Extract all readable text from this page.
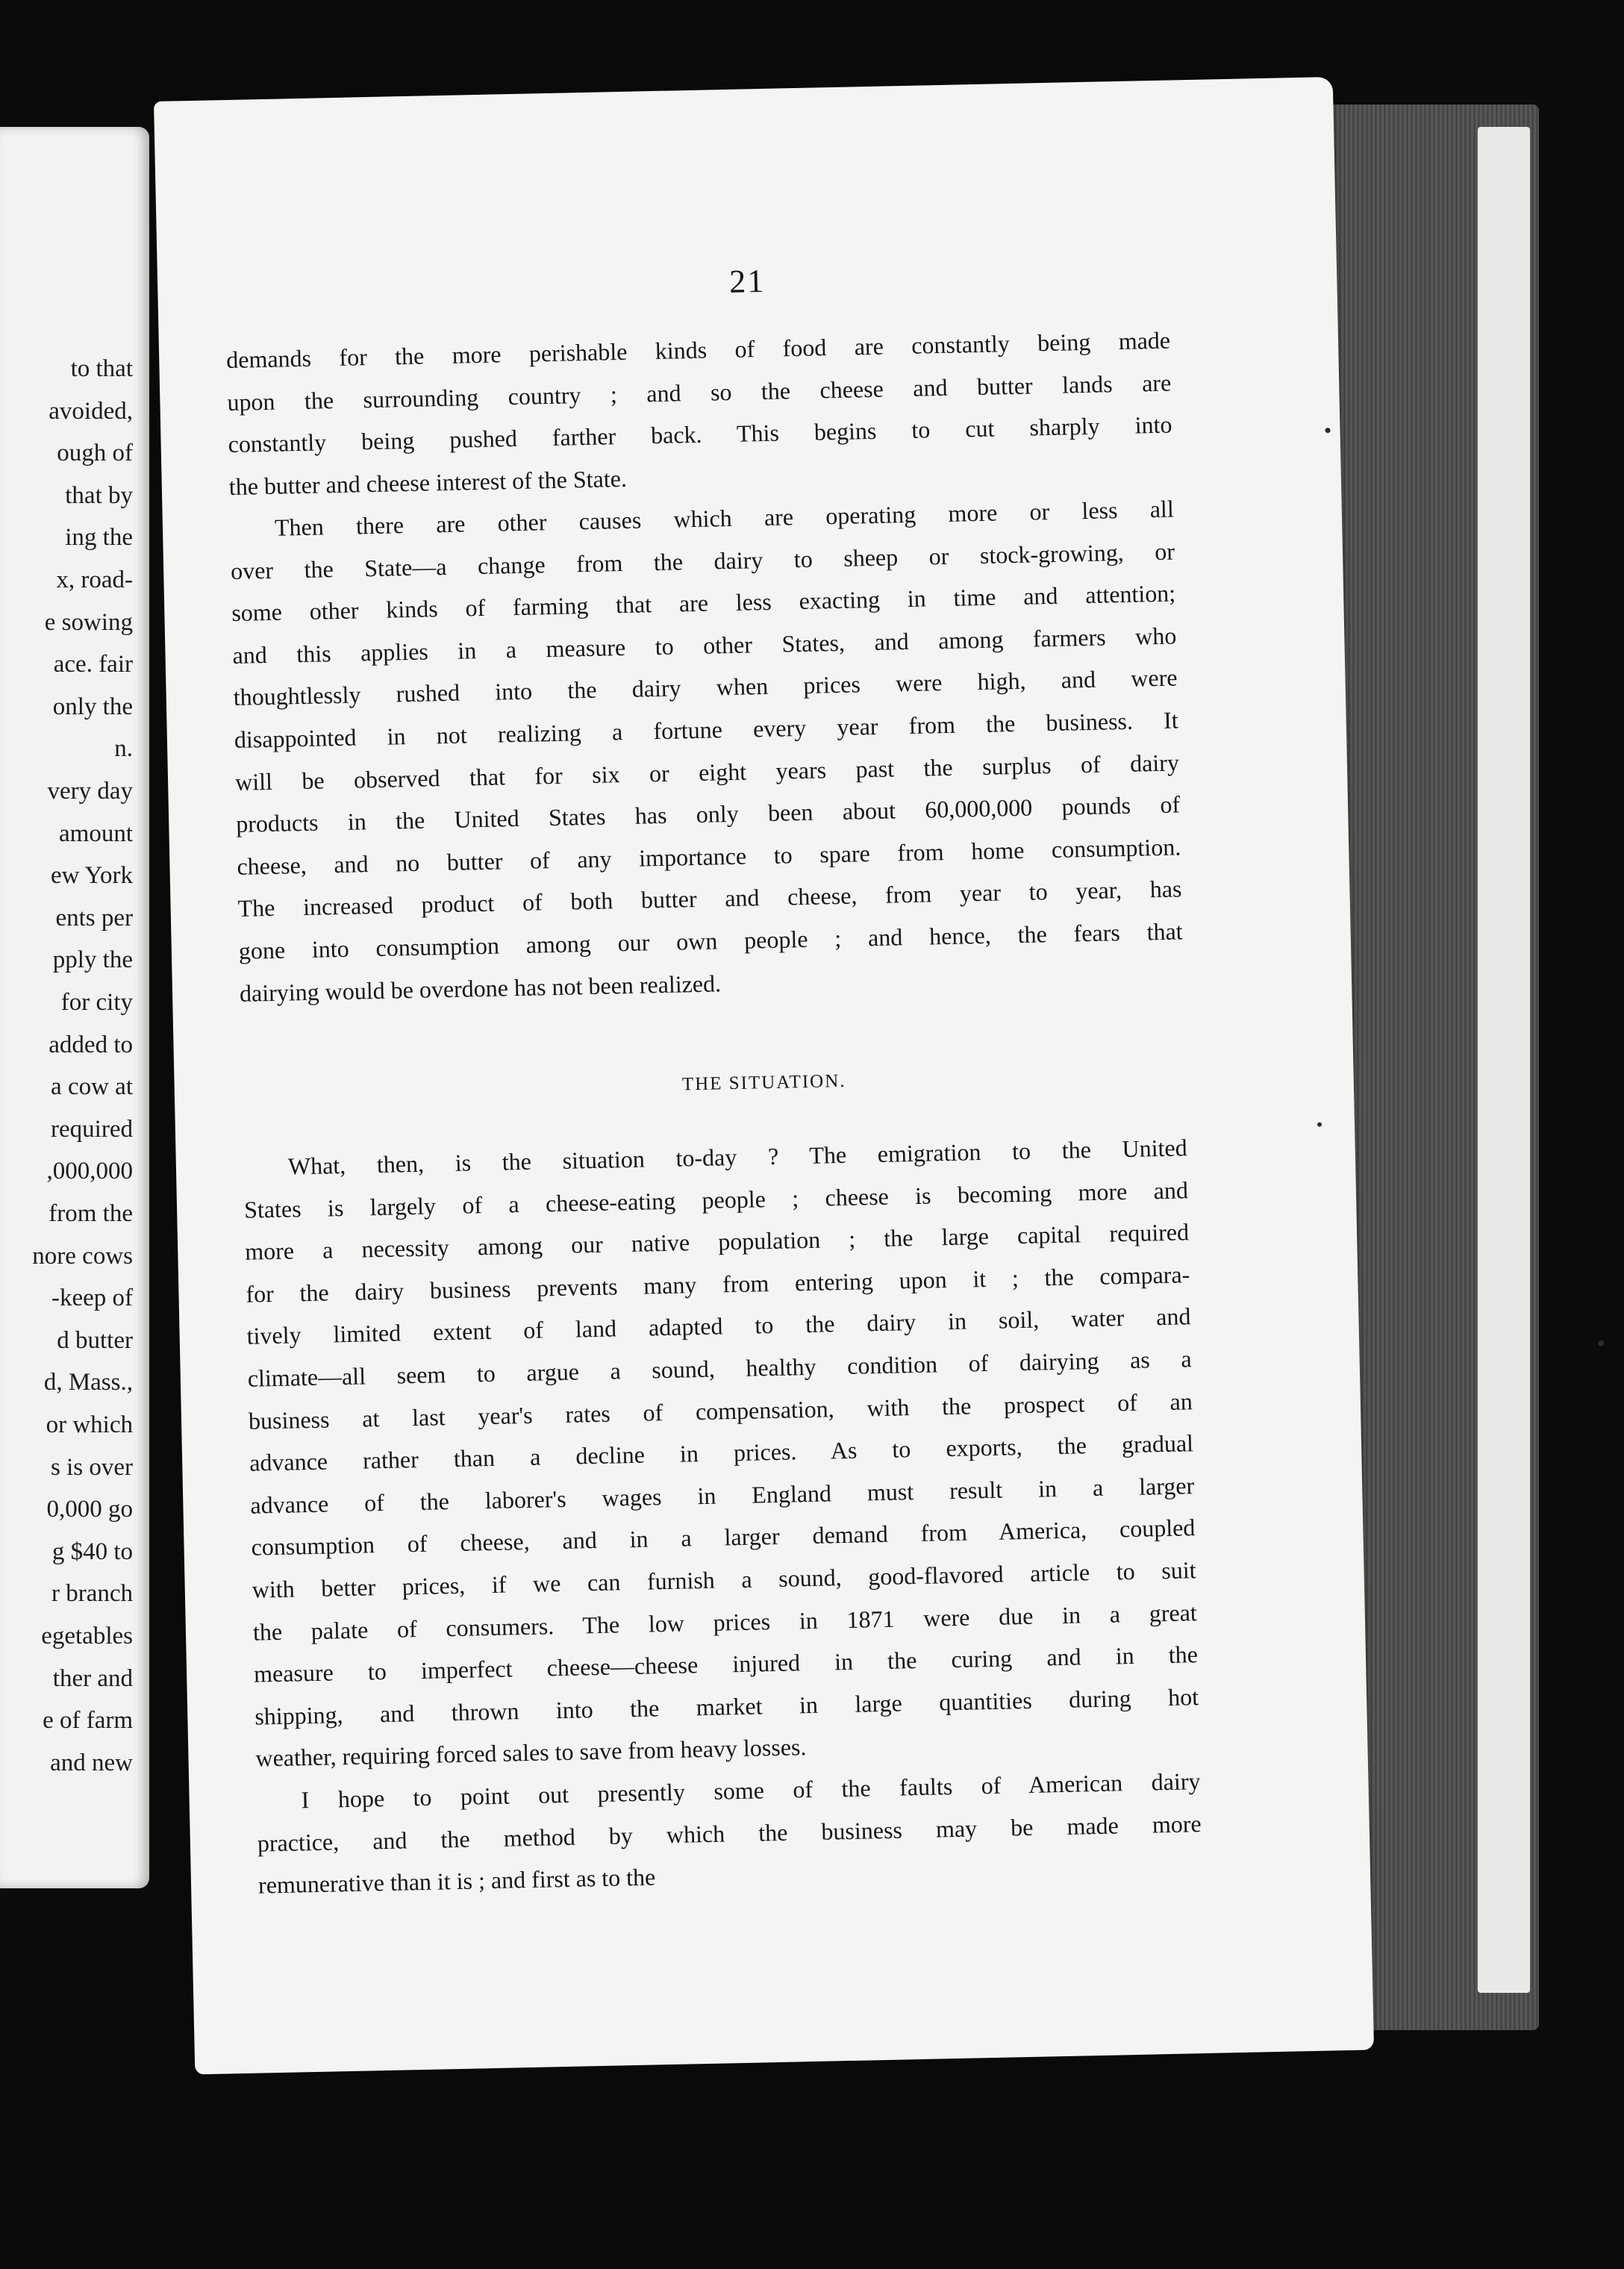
to that
avoided,
ough of
that by
ing the
x, road-
e sowing
ace. fair
only the
n.
very day
amount
ew York
ents per
pply the
for city
added to
a cow at
required
,000,000
from the
nore cows
-keep of
d butter
d, Mass.,
or which
s is over
0,000 go
g $40 to
r branch
egetables
ther and
e of farm
and new
21
demands for the more perishable kinds of food are constantly being made
upon the surrounding country ; and so the cheese and butter lands are
constantly being pushed farther back. This begins to cut sharply into
the butter and cheese interest of the State.
Then there are other causes which are operating more or less all
over the State—a change from the dairy to sheep or stock-growing, or
some other kinds of farming that are less exacting in time and attention;
and this applies in a measure to other States, and among farmers who
thoughtlessly rushed into the dairy when prices were high, and were
disappointed in not realizing a fortune every year from the business. It
will be observed that for six or eight years past the surplus of dairy
products in the United States has only been about 60,000,000 pounds of
cheese, and no butter of any importance to spare from home consumption.
The increased product of both butter and cheese, from year to year, has
gone into consumption among our own people ; and hence, the fears that
dairying would be overdone has not been realized.
THE SITUATION.
What, then, is the situation to-day ? The emigration to the United
States is largely of a cheese-eating people ; cheese is becoming more and
more a necessity among our native population ; the large capital required
for the dairy business prevents many from entering upon it ; the compara-
tively limited extent of land adapted to the dairy in soil, water and
climate—all seem to argue a sound, healthy condition of dairying as a
business at last year's rates of compensation, with the prospect of an
advance rather than a decline in prices. As to exports, the gradual
advance of the laborer's wages in England must result in a larger
consumption of cheese, and in a larger demand from America, coupled
with better prices, if we can furnish a sound, good-flavored article to suit
the palate of consumers. The low prices in 1871 were due in a great
measure to imperfect cheese—cheese injured in the curing and in the
shipping, and thrown into the market in large quantities during hot
weather, requiring forced sales to save from heavy losses.
I hope to point out presently some of the faults of American dairy
practice, and the method by which the business may be made more
remunerative than it is ; and first as to the
